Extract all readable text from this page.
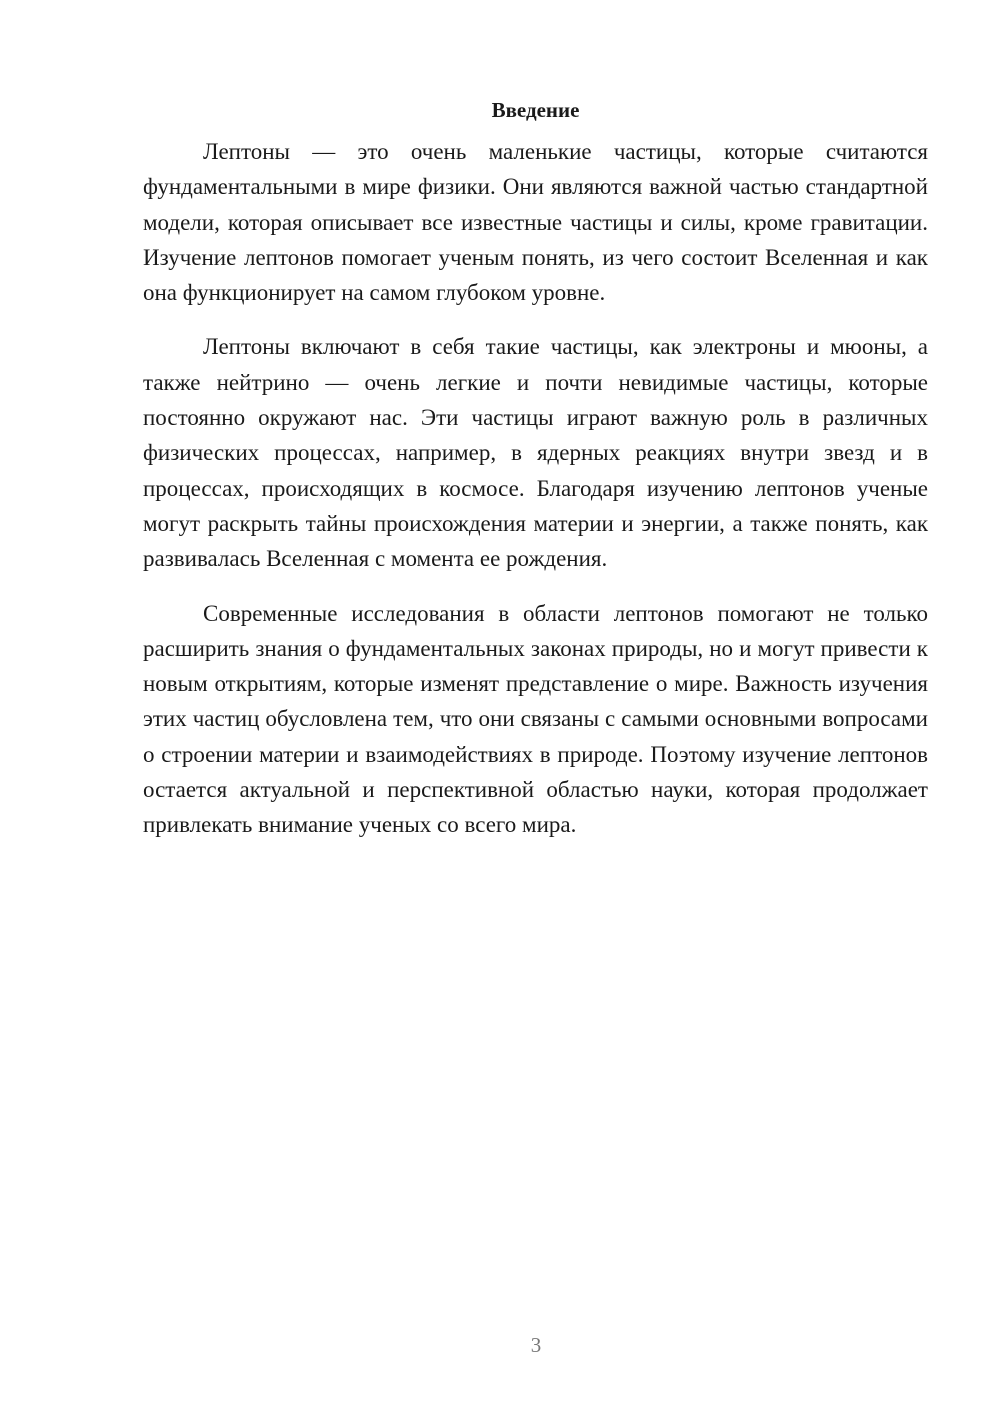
Введение

Лептоны — это очень маленькие частицы, которые считаются фундаментальными в мире физики. Они являются важной частью стандартной модели, которая описывает все известные частицы и силы, кроме гравитации. Изучение лептонов помогает ученым понять, из чего состоит Вселенная и как она функционирует на самом глубоком уровне.

Лептоны включают в себя такие частицы, как электроны и мюоны, а также нейтрино — очень легкие и почти невидимые частицы, которые постоянно окружают нас. Эти частицы играют важную роль в различных физических процессах, например, в ядерных реакциях внутри звезд и в процессах, происходящих в космосе. Благодаря изучению лептонов ученые могут раскрыть тайны происхождения материи и энергии, а также понять, как развивалась Вселенная с момента ее рождения.

Современные исследования в области лептонов помогают не только расширить знания о фундаментальных законах природы, но и могут привести к новым открытиям, которые изменят представление о мире. Важность изучения этих частиц обусловлена тем, что они связаны с самыми основными вопросами о строении материи и взаимодействиях в природе. Поэтому изучение лептонов остается актуальной и перспективной областью науки, которая продолжает привлекать внимание ученых со всего мира.

3
